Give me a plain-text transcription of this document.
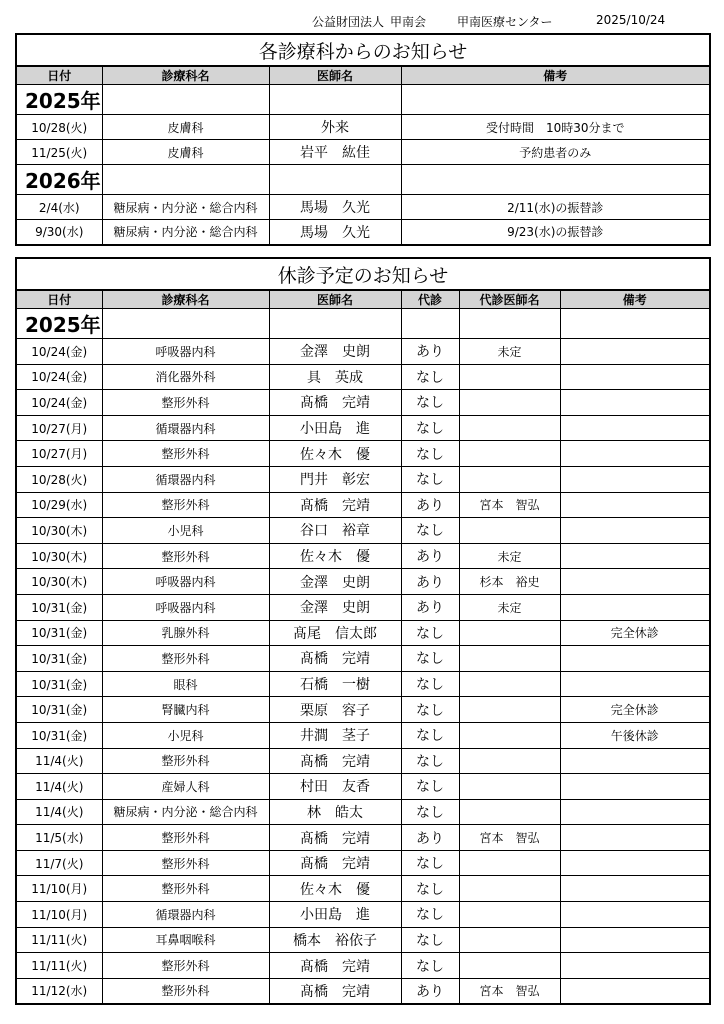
公益財団法人 甲南会	甲南医療センター	2025/10/24
各診療科からのお知らせ			
日付	診療科名	医師名	備考
2025年			
10/28(火)	皮膚科	外来	受付時間　10時30分まで
11/25(火)	皮膚科	岩平　紘佳	予約患者のみ
2026年			
2/4(水)	糖尿病・内分泌・総合内科	馬場　久光	2/11(水)の振替診
9/30(水)	糖尿病・内分泌・総合内科	馬場　久光	9/23(水)の振替診
休診予定のお知らせ					
日付	診療科名	医師名	代診	代診医師名	備考
2025年					
10/24(金)	呼吸器内科	金澤　史朗	あり	未定	
10/24(金)	消化器外科	具　英成	なし		
10/24(金)	整形外科	髙橋　完靖	なし		
10/27(月)	循環器内科	小田島　進	なし		
10/27(月)	整形外科	佐々木　優	なし		
10/28(火)	循環器内科	門井　彰宏	なし		
10/29(水)	整形外科	髙橋　完靖	あり	宮本　智弘	
10/30(木)	小児科	谷口　裕章	なし		
10/30(木)	整形外科	佐々木　優	あり	未定	
10/30(木)	呼吸器内科	金澤　史朗	あり	杉本　裕史	
10/31(金)	呼吸器内科	金澤　史朗	あり	未定	
10/31(金)	乳腺外科	髙尾　信太郎	なし		完全休診
10/31(金)	整形外科	髙橋　完靖	なし		
10/31(金)	眼科	石橋　一樹	なし		
10/31(金)	腎臓内科	栗原　容子	なし		完全休診
10/31(金)	小児科	井澗　茎子	なし		午後休診
11/4(火)	整形外科	髙橋　完靖	なし		
11/4(火)	産婦人科	村田　友香	なし		
11/4(火)	糖尿病・内分泌・総合内科	林　皓太	なし		
11/5(水)	整形外科	髙橋　完靖	あり	宮本　智弘	
11/7(火)	整形外科	髙橋　完靖	なし		
11/10(月)	整形外科	佐々木　優	なし		
11/10(月)	循環器内科	小田島　進	なし		
11/11(火)	耳鼻咽喉科	橋本　裕依子	なし		
11/11(火)	整形外科	髙橋　完靖	なし		
11/12(水)	整形外科	髙橋　完靖	あり	宮本　智弘	
